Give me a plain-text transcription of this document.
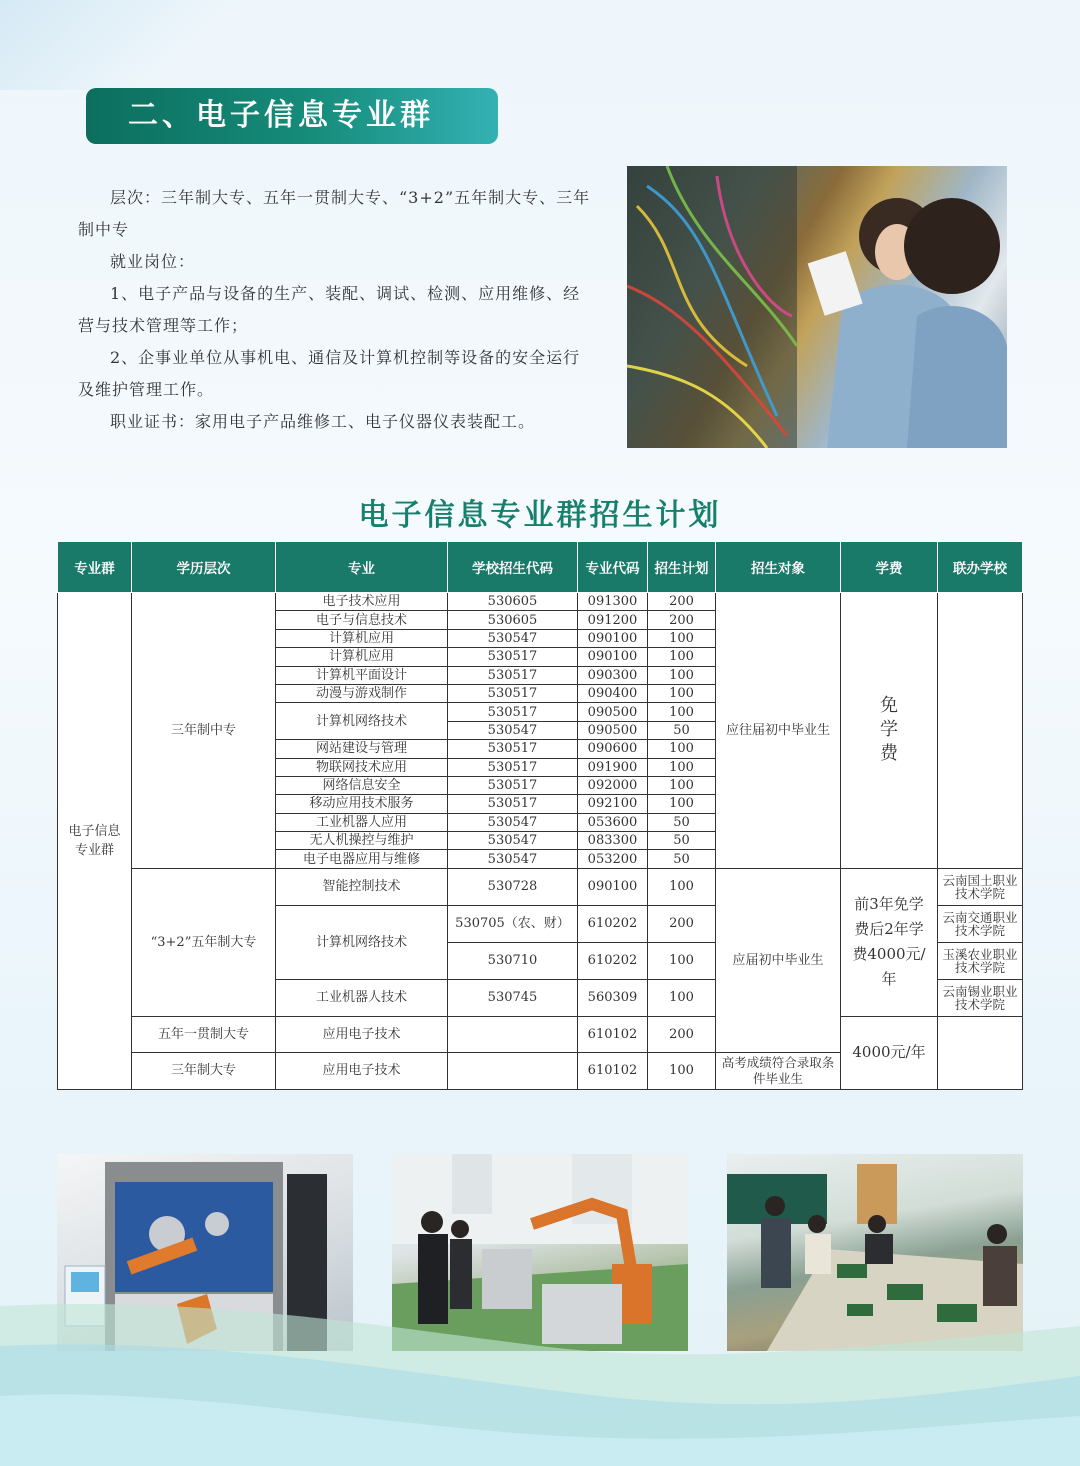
二、电子信息专业群

层次：三年制大专、五年一贯制大专、“3+2”五年制大专、三年制中专

就业岗位：

1、电子产品与设备的生产、装配、调试、检测、应用维修、经营与技术管理等工作；

2、企事业单位从事机电、通信及计算机控制等设备的安全运行及维护管理工作。

职业证书：家用电子产品维修工、电子仪器仪表装配工。

电子信息专业群招生计划
专业群	学历层次	专业	学校招生代码	专业代码	招生计划	招生对象	学费	联办学校

电子信息专业群	三年制中专	电子技术应用	530605	091300	200	应往届初中毕业生	免学费	

		电子与信息技术	530605	091200	200			
		计算机应用	530547	090100	100			
		计算机应用	530517	090100	100			
		计算机平面设计	530517	090300	100			
		动漫与游戏制作	530517	090400	100			
		计算机网络技术	530517	090500	100			
			530547	090500	50			
		网站建设与管理	530517	090600	100			
		物联网技术应用	530517	091900	100			
		网络信息安全	530517	092000	100			
		移动应用技术服务	530517	092100	100			
		工业机器人应用	530547	053600	50			
		无人机操控与维护	530547	083300	50			
		电子电器应用与维修	530547	053200	50			
	“3+2”五年制大专	智能控制技术	530728	090100	100	应届初中毕业生	前3年免学费后2年学费4000元/年	云南国土职业技术学院
		计算机网络技术	530705（农、财）	610202	200			云南交通职业技术学院
			530710	610202	100			玉溪农业职业技术学院
		工业机器人技术	530745	560309	100			云南锡业职业技术学院
	五年一贯制大专	应用电子技术		610102	200		4000元/年	
	三年制大专	应用电子技术		610102	100	高考成绩符合录取条件毕业生		
